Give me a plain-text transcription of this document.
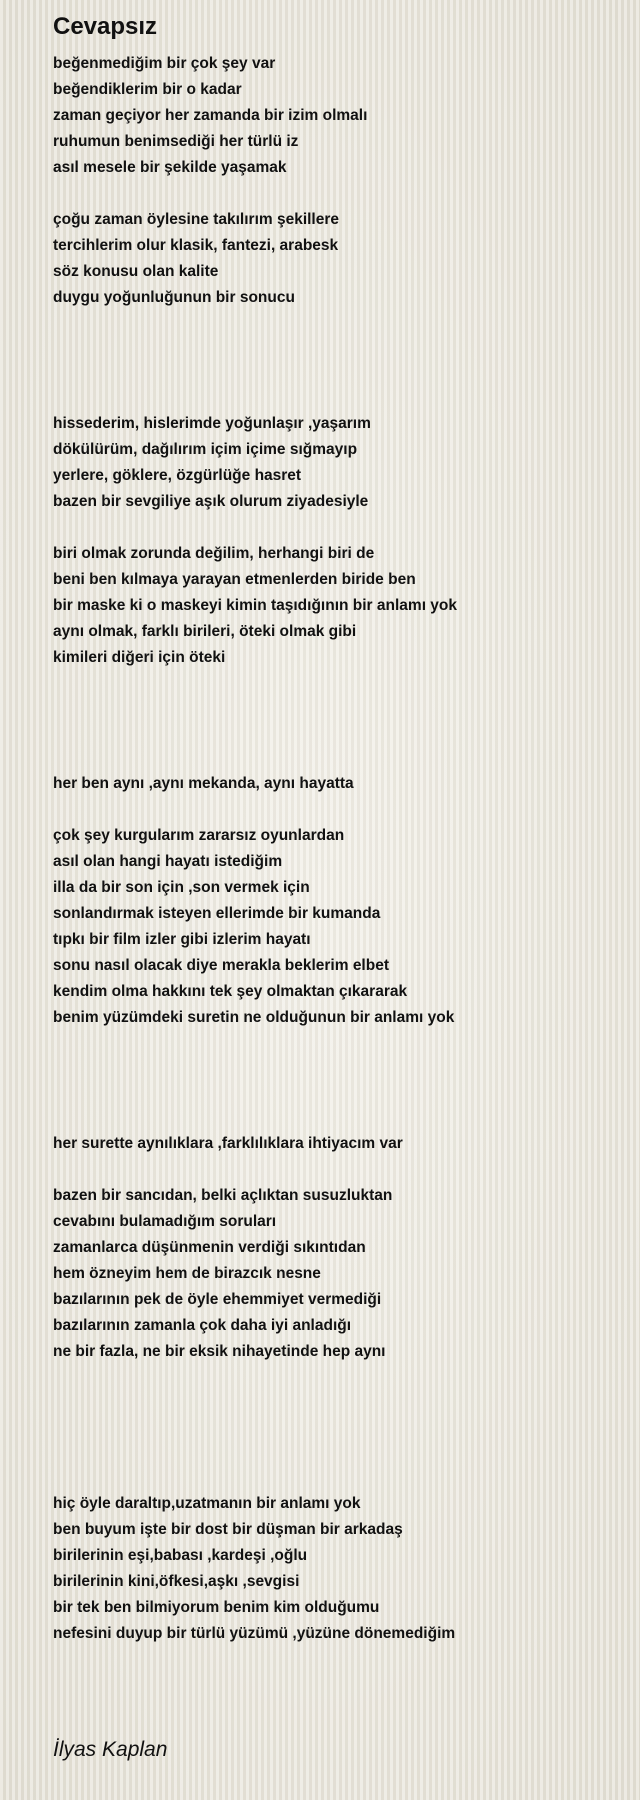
Cevapsız
beğenmediğim bir çok şey var
beğendiklerim bir o kadar
zaman geçiyor her zamanda bir izim olmalı
ruhumun benimsediği her türlü iz
asıl mesele bir şekilde yaşamak
çoğu zaman öylesine takılırım şekillere
tercihlerim olur klasik, fantezi, arabesk
söz konusu olan kalite
duygu yoğunluğunun bir sonucu
hissederim, hislerimde yoğunlaşır ,yaşarım
dökülürüm, dağılırım içim içime sığmayıp
yerlere, göklere, özgürlüğe hasret
bazen bir sevgiliye aşık olurum ziyadesiyle
biri olmak zorunda değilim, herhangi biri de
beni ben kılmaya yarayan etmenlerden biride ben
bir maske ki o maskeyi kimin taşıdığının bir anlamı yok
aynı olmak, farklı birileri, öteki olmak gibi
kimileri diğeri için öteki
her ben aynı ,aynı mekanda, aynı hayatta
çok şey kurgularım zararsız oyunlardan
asıl olan hangi hayatı istediğim
illa da bir son için ,son vermek için
sonlandırmak isteyen ellerimde bir kumanda
tıpkı bir film izler gibi izlerim hayatı
sonu nasıl olacak diye merakla beklerim elbet
kendim olma hakkını tek şey olmaktan çıkararak
benim yüzümdeki suretin ne olduğunun bir anlamı yok
her surette aynılıklara ,farklılıklara ihtiyacım var
bazen bir sancıdan, belki açlıktan susuzluktan
cevabını bulamadığım soruları
zamanlarca düşünmenin verdiği sıkıntıdan
hem özneyim hem de birazcık nesne
bazılarının pek de öyle ehemmiyet vermediği
bazılarının zamanla çok daha iyi anladığı
ne bir fazla, ne bir eksik nihayetinde hep aynı
hiç öyle daraltıp,uzatmanın bir anlamı yok
ben buyum işte bir dost bir düşman bir arkadaş
birilerinin eşi,babası ,kardeşi ,oğlu
birilerinin kini,öfkesi,aşkı ,sevgisi
bir tek ben bilmiyorum benim kim olduğumu
nefesini duyup bir türlü yüzümü ,yüzüne dönemediğim
İlyas Kaplan
